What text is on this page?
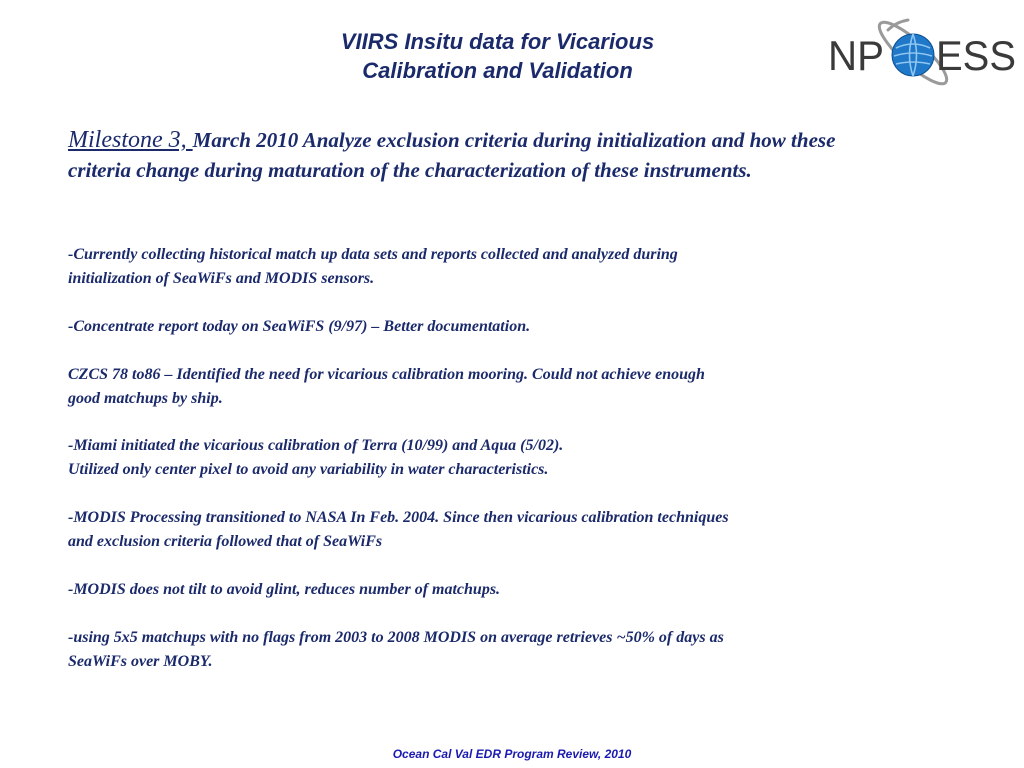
VIIRS Insitu data for Vicarious
Calibration and Validation	NP ESS

Milestone 3, March 2010 Analyze exclusion criteria during initialization and how these criteria change during maturation of the characterization of these instruments.

-Currently collecting historical match up data sets and reports collected and analyzed during
initialization of SeaWiFs and MODIS sensors.

-Concentrate report today on SeaWiFS (9/97) – Better documentation.

CZCS 78 to86 – Identified the need for vicarious calibration mooring. Could not achieve enough
good matchups by ship.

-Miami initiated the vicarious calibration of Terra (10/99) and Aqua (5/02).
Utilized only center pixel to avoid any variability in water characteristics.

-MODIS Processing transitioned to NASA In Feb. 2004. Since then vicarious calibration techniques
and exclusion criteria followed that of SeaWiFs

-MODIS does not tilt to avoid glint, reduces number of matchups.

-using 5x5 matchups with no flags from 2003 to 2008 MODIS on average retrieves ~50% of days as
SeaWiFs over MOBY.

Ocean Cal Val EDR Program Review, 2010
